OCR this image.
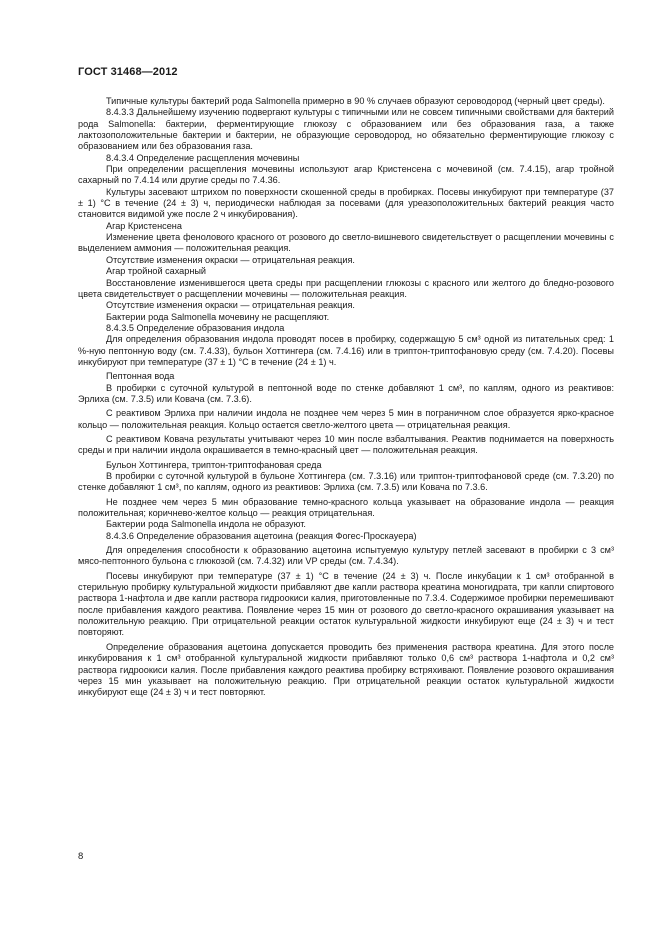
ГОСТ 31468—2012

Типичные культуры бактерий рода Salmonella примерно в 90 % случаев образуют сероводород (черный цвет среды).

8.4.3.3 Дальнейшему изучению подвергают культуры с типичными или не совсем типичными свойствами для бактерий рода Salmonella: бактерии, ферментирующие глюкозу с образованием или без образования газа, а также лактозоположительные бактерии и бактерии, не образующие сероводород, но обязательно ферментирующие глюкозу с образованием или без образования газа.

8.4.3.4 Определение расщепления мочевины

При определении расщепления мочевины используют агар Кристенсена с мочевиной (см. 7.4.15), агар тройной сахарный по 7.4.14 или другие среды по 7.4.36.

Культуры засевают штрихом по поверхности скошенной среды в пробирках. Посевы инкубируют при температуре (37 ± 1) °С в течение (24 ± 3) ч, периодически наблюдая за посевами (для уреазоположительных бактерий реакция часто становится видимой уже после 2 ч инкубирования).

Агар Кристенсена

Изменение цвета фенолового красного от розового до светло-вишневого свидетельствует о расщеплении мочевины с выделением аммония — положительная реакция.

Отсутствие изменения окраски — отрицательная реакция.

Агар тройной сахарный

Восстановление изменившегося цвета среды при расщеплении глюкозы с красного или желтого до бледно-розового цвета свидетельствует о расщеплении мочевины — положительная реакция.

Отсутствие изменения окраски — отрицательная реакция.

Бактерии рода Salmonella мочевину не расщепляют.

8.4.3.5 Определение образования индола

Для определения образования индола проводят посев в пробирку, содержащую 5 см³ одной из питательных сред: 1 %-ную пептонную воду (см. 7.4.33), бульон Хоттингера (см. 7.4.16) или в триптон-триптофановую среду (см. 7.4.20). Посевы инкубируют при температуре (37 ± 1) °С в течение (24 ± 1) ч.

Пептонная вода

В пробирки с суточной культурой в пептонной воде по стенке добавляют 1 см³, по каплям, одного из реактивов: Эрлиха (см. 7.3.5) или Ковача (см. 7.3.6).

С реактивом Эрлиха при наличии индола не позднее чем через 5 мин в пограничном слое образуется ярко-красное кольцо — положительная реакция. Кольцо остается светло-желтого цвета — отрицательная реакция.

С реактивом Ковача результаты учитывают через 10 мин после взбалтывания. Реактив поднимается на поверхность среды и при наличии индола окрашивается в темно-красный цвет — положительная реакция.

Бульон Хоттингера, триптон-триптофановая среда

В пробирки с суточной культурой в бульоне Хоттингера (см. 7.3.16) или триптон-триптофановой среде (см. 7.3.20) по стенке добавляют 1 см³, по каплям, одного из реактивов: Эрлиха (см. 7.3.5) или Ковача по 7.3.6.

Не позднее чем через 5 мин образование темно-красного кольца указывает на образование индола — реакция положительная; коричнево-желтое кольцо — реакция отрицательная.

Бактерии рода Salmonella индола не образуют.

8.4.3.6 Определение образования ацетоина (реакция Фогес-Проскауера)

Для определения способности к образованию ацетоина испытуемую культуру петлей засевают в пробирки с 3 см³ мясо-пептонного бульона с глюкозой (см. 7.4.32) или VP среды (см. 7.4.34).

Посевы инкубируют при температуре (37 ± 1) °С в течение (24 ± 3) ч. После инкубации к 1 см³ отобранной в стерильную пробирку культуральной жидкости прибавляют две капли раствора креатина моногидрата, три капли спиртового раствора 1-нафтола и две капли раствора гидроокиси калия, приготовленные по 7.3.4. Содержимое пробирки перемешивают после прибавления каждого реактива. Появление через 15 мин от розового до светло-красного окрашивания указывает на положительную реакцию. При отрицательной реакции остаток культуральной жидкости инкубируют еще (24 ± 3) ч и тест повторяют.

Определение образования ацетоина допускается проводить без применения раствора креатина. Для этого после инкубирования к 1 см³ отобранной культуральной жидкости прибавляют только 0,6 см³ раствора 1-нафтола и 0,2 см³ раствора гидроокиси калия. После прибавления каждого реактива пробирку встряхивают. Появление розового окрашивания через 15 мин указывает на положительную реакцию. При отрицательной реакции остаток культуральной жидкости инкубируют еще (24 ± 3) ч и тест повторяют.

8
